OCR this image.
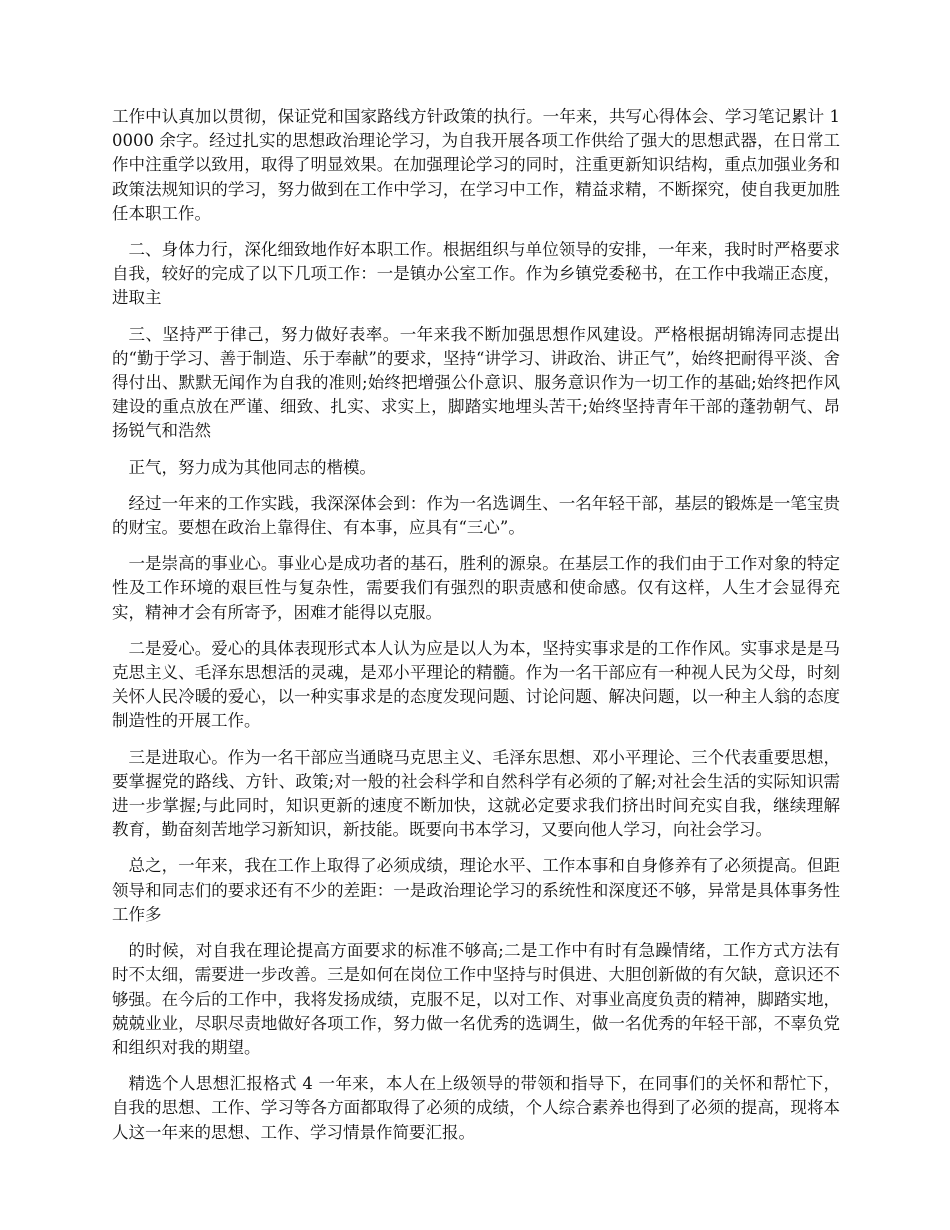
工作中认真加以贯彻，保证党和国家路线方针政策的执行。一年来，共写心得体会、学习笔记累计 10000 余字。经过扎实的思想政治理论学习，为自我开展各项工作供给了强大的思想武器，在日常工作中注重学以致用，取得了明显效果。在加强理论学习的同时，注重更新知识结构，重点加强业务和政策法规知识的学习，努力做到在工作中学习，在学习中工作，精益求精，不断探究，使自我更加胜任本职工作。

二、身体力行，深化细致地作好本职工作。根据组织与单位领导的安排，一年来，我时时严格要求自我，较好的完成了以下几项工作：一是镇办公室工作。作为乡镇党委秘书，在工作中我端正态度，进取主

三、坚持严于律己，努力做好表率。一年来我不断加强思想作风建设。严格根据胡锦涛同志提出的“勤于学习、善于制造、乐于奉献”的要求，坚持“讲学习、讲政治、讲正气”，始终把耐得平淡、舍得付出、默默无闻作为自我的准则;始终把增强公仆意识、服务意识作为一切工作的基础;始终把作风建设的重点放在严谨、细致、扎实、求实上，脚踏实地埋头苦干;始终坚持青年干部的蓬勃朝气、昂扬锐气和浩然

正气，努力成为其他同志的楷模。

经过一年来的工作实践，我深深体会到：作为一名选调生、一名年轻干部，基层的锻炼是一笔宝贵的财宝。要想在政治上靠得住、有本事，应具有“三心”。

一是崇高的事业心。事业心是成功者的基石，胜利的源泉。在基层工作的我们由于工作对象的特定性及工作环境的艰巨性与复杂性，需要我们有强烈的职责感和使命感。仅有这样，人生才会显得充实，精神才会有所寄予，困难才能得以克服。

二是爱心。爱心的具体表现形式本人认为应是以人为本，坚持实事求是的工作作风。实事求是是马克思主义、毛泽东思想活的灵魂，是邓小平理论的精髓。作为一名干部应有一种视人民为父母，时刻关怀人民冷暖的爱心，以一种实事求是的态度发现问题、讨论问题、解决问题，以一种主人翁的态度制造性的开展工作。

三是进取心。作为一名干部应当通晓马克思主义、毛泽东思想、邓小平理论、三个代表重要思想，要掌握党的路线、方针、政策;对一般的社会科学和自然科学有必须的了解;对社会生活的实际知识需进一步掌握;与此同时，知识更新的速度不断加快，这就必定要求我们挤出时间充实自我，继续理解教育，勤奋刻苦地学习新知识，新技能。既要向书本学习，又要向他人学习，向社会学习。

总之，一年来，我在工作上取得了必须成绩，理论水平、工作本事和自身修养有了必须提高。但距领导和同志们的要求还有不少的差距：一是政治理论学习的系统性和深度还不够，异常是具体事务性工作多

的时候，对自我在理论提高方面要求的标准不够高;二是工作中有时有急躁情绪，工作方式方法有时不太细，需要进一步改善。三是如何在岗位工作中坚持与时俱进、大胆创新做的有欠缺，意识还不够强。在今后的工作中，我将发扬成绩，克服不足，以对工作、对事业高度负责的精神，脚踏实地，兢兢业业，尽职尽责地做好各项工作，努力做一名优秀的选调生，做一名优秀的年轻干部，不辜负党和组织对我的期望。

精选个人思想汇报格式 4 一年来，本人在上级领导的带领和指导下，在同事们的关怀和帮忙下，自我的思想、工作、学习等各方面都取得了必须的成绩，个人综合素养也得到了必须的提高，现将本人这一年来的思想、工作、学习情景作简要汇报。
